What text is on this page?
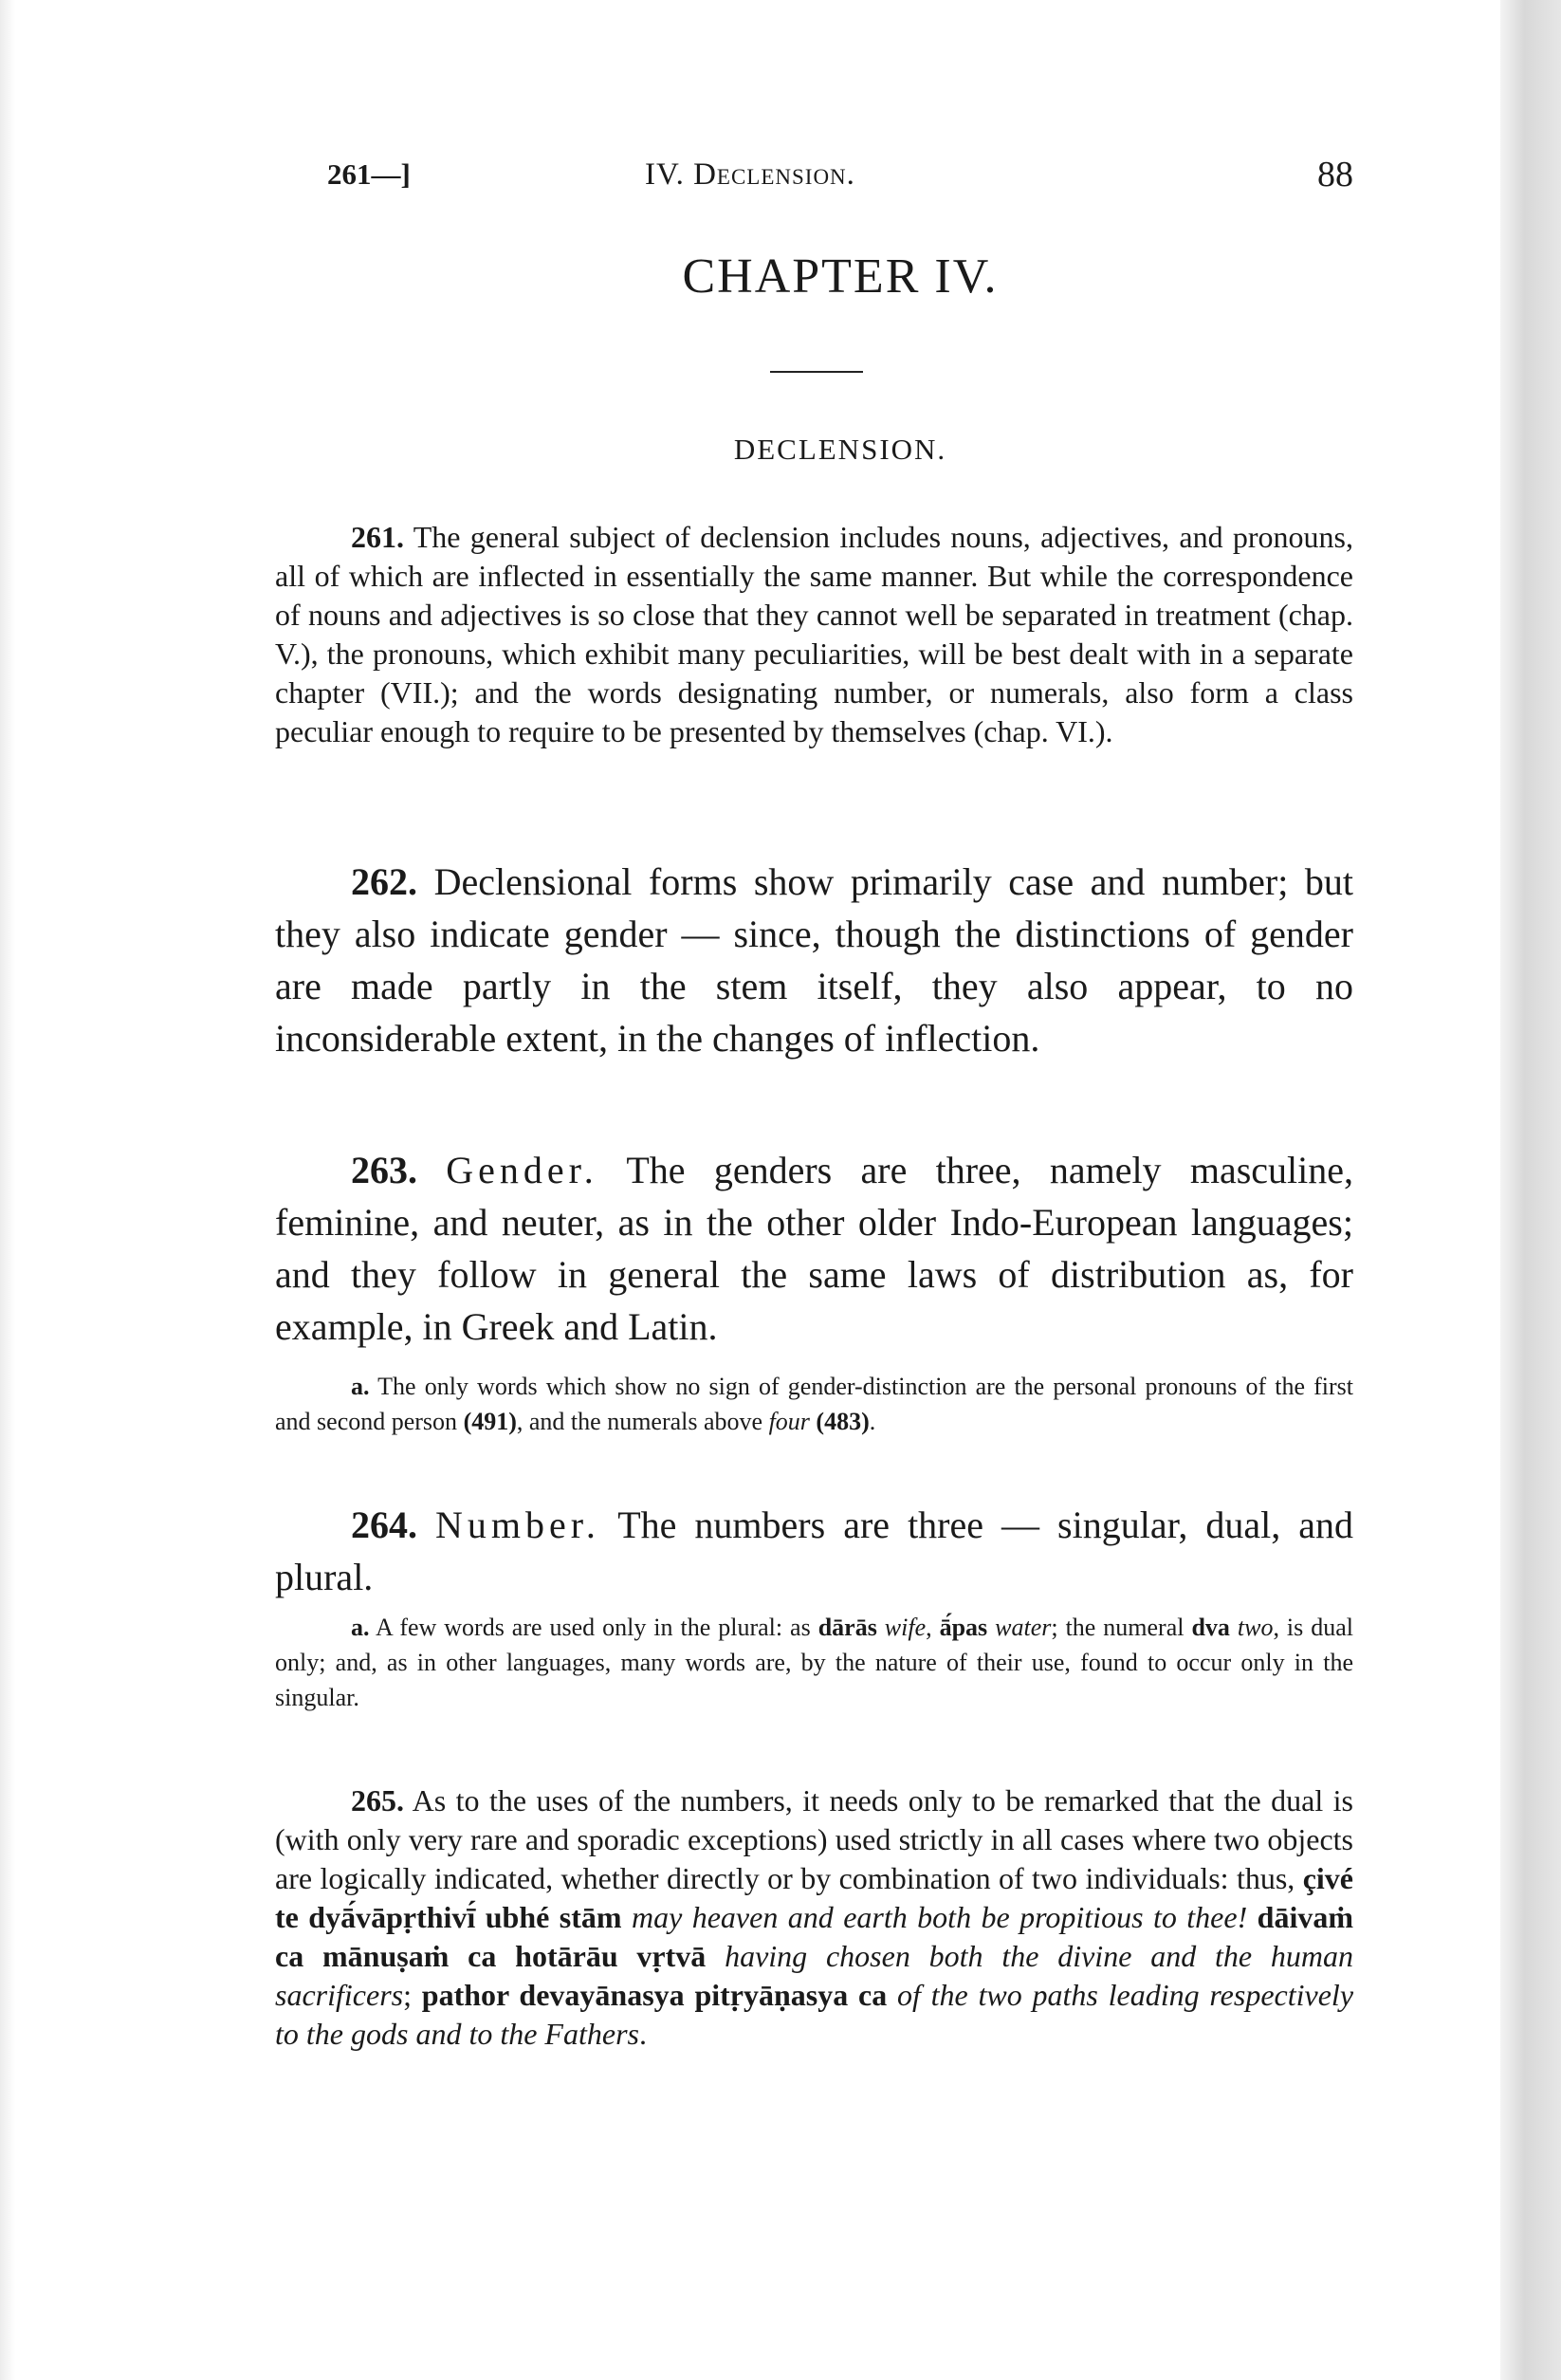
261—]	IV. Declension.	88
CHAPTER IV.
DECLENSION.

261. The general subject of declension includes nouns, adjectives, and pronouns, all of which are inflected in essentially the same manner. But while the correspondence of nouns and adjectives is so close that they cannot well be separated in treatment (chap. V.), the pronouns, which exhibit many peculiarities, will be best dealt with in a separate chapter (VII.); and the words designating number, or numerals, also form a class peculiar enough to require to be presented by themselves (chap. VI.).

262. Declensional forms show primarily case and number; but they also indicate gender — since, though the distinctions of gender are made partly in the stem itself, they also appear, to no inconsiderable extent, in the changes of inflection.

263. Gender. The genders are three, namely masculine, feminine, and neuter, as in the other older Indo-European languages; and they follow in general the same laws of distribution as, for example, in Greek and Latin.

a. The only words which show no sign of gender-distinction are the personal pronouns of the first and second person (491), and the numerals above four (483).

264. Number. The numbers are three — singular, dual, and plural.

a. A few words are used only in the plural: as dārās wife, ā́pas water; the numeral dva two, is dual only; and, as in other languages, many words are, by the nature of their use, found to occur only in the singular.

265. As to the uses of the numbers, it needs only to be remarked that the dual is (with only very rare and sporadic exceptions) used strictly in all cases where two objects are logically indicated, whether directly or by combination of two individuals: thus, çivé te dyā́vāpṛthivī́ ubhé stām may heaven and earth both be propitious to thee! dāivaṁ ca mānuṣaṁ ca hotārāu vṛtvā having chosen both the divine and the human sacrificers; pathor devayānasya pitṛyāṇasya ca of the two paths leading respectively to the gods and to the Fathers.
